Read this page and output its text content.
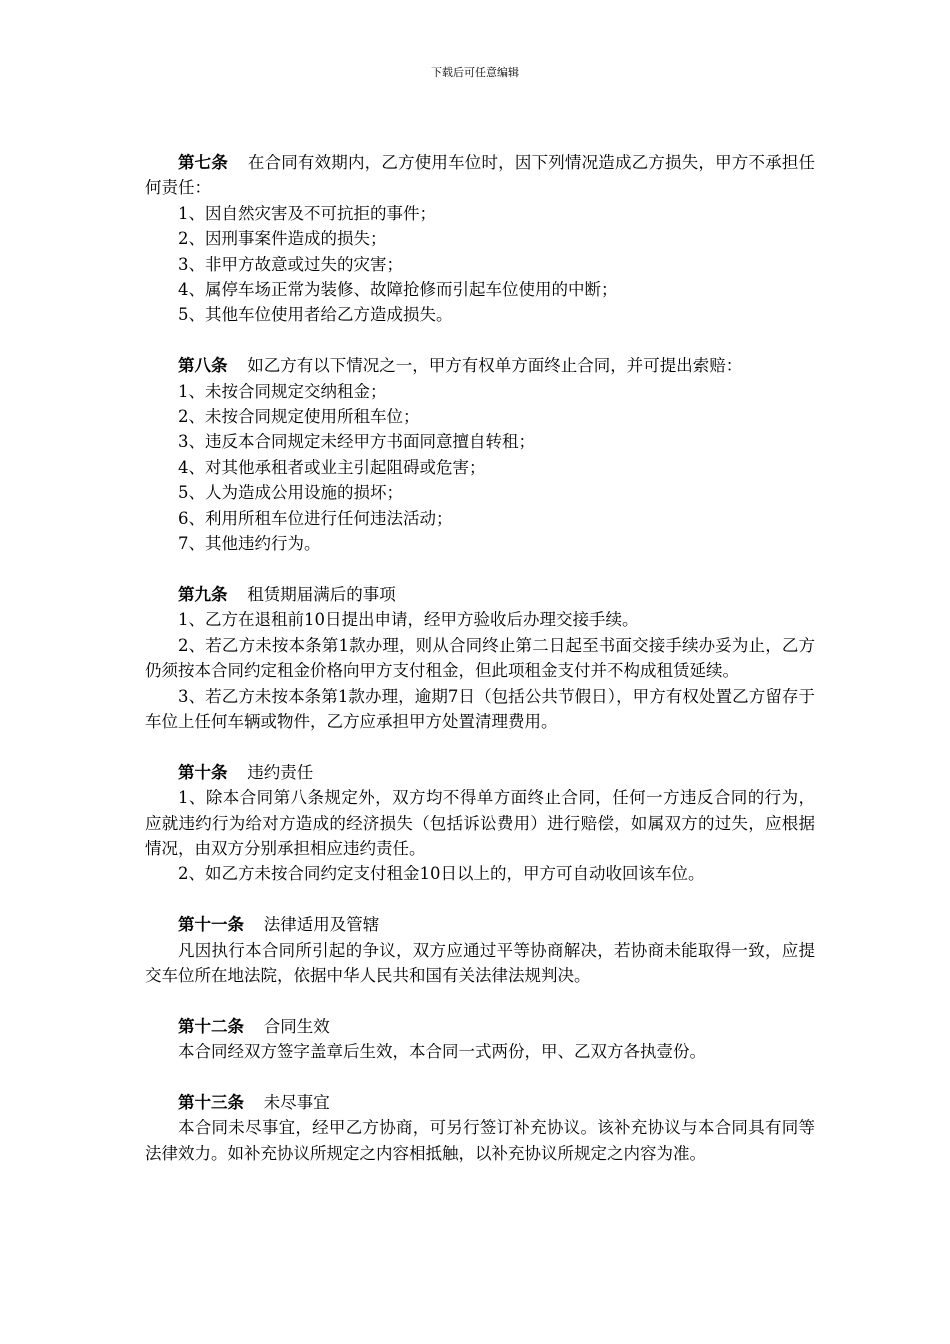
下载后可任意编辑

第七条 在合同有效期内，乙方使用车位时，因下列情况造成乙方损失，甲方不承担任何责任：

1、因自然灾害及不可抗拒的事件；

2、因刑事案件造成的损失；

3、非甲方故意或过失的灾害；

4、属停车场正常为装修、故障抢修而引起车位使用的中断；

5、其他车位使用者给乙方造成损失。

第八条 如乙方有以下情况之一，甲方有权单方面终止合同，并可提出索赔：

1、未按合同规定交纳租金；

2、未按合同规定使用所租车位；

3、违反本合同规定未经甲方书面同意擅自转租；

4、对其他承租者或业主引起阻碍或危害；

5、人为造成公用设施的损坏；

6、利用所租车位进行任何违法活动；

7、其他违约行为。

第九条 租赁期届满后的事项

1、乙方在退租前10日提出申请，经甲方验收后办理交接手续。

2、若乙方未按本条第1款办理，则从合同终止第二日起至书面交接手续办妥为止，乙方仍须按本合同约定租金价格向甲方支付租金，但此项租金支付并不构成租赁延续。

3、若乙方未按本条第1款办理，逾期7日（包括公共节假日），甲方有权处置乙方留存于车位上任何车辆或物件，乙方应承担甲方处置清理费用。

第十条 违约责任

1、除本合同第八条规定外，双方均不得单方面终止合同，任何一方违反合同的行为，应就违约行为给对方造成的经济损失（包括诉讼费用）进行赔偿，如属双方的过失，应根据情况，由双方分别承担相应违约责任。

2、如乙方未按合同约定支付租金10日以上的，甲方可自动收回该车位。

第十一条 法律适用及管辖

凡因执行本合同所引起的争议，双方应通过平等协商解决，若协商未能取得一致，应提交车位所在地法院，依据中华人民共和国有关法律法规判决。

第十二条 合同生效

本合同经双方签字盖章后生效，本合同一式两份，甲、乙双方各执壹份。

第十三条 未尽事宜

本合同未尽事宜，经甲乙方协商，可另行签订补充协议。该补充协议与本合同具有同等法律效力。如补充协议所规定之内容相抵触，以补充协议所规定之内容为准。
